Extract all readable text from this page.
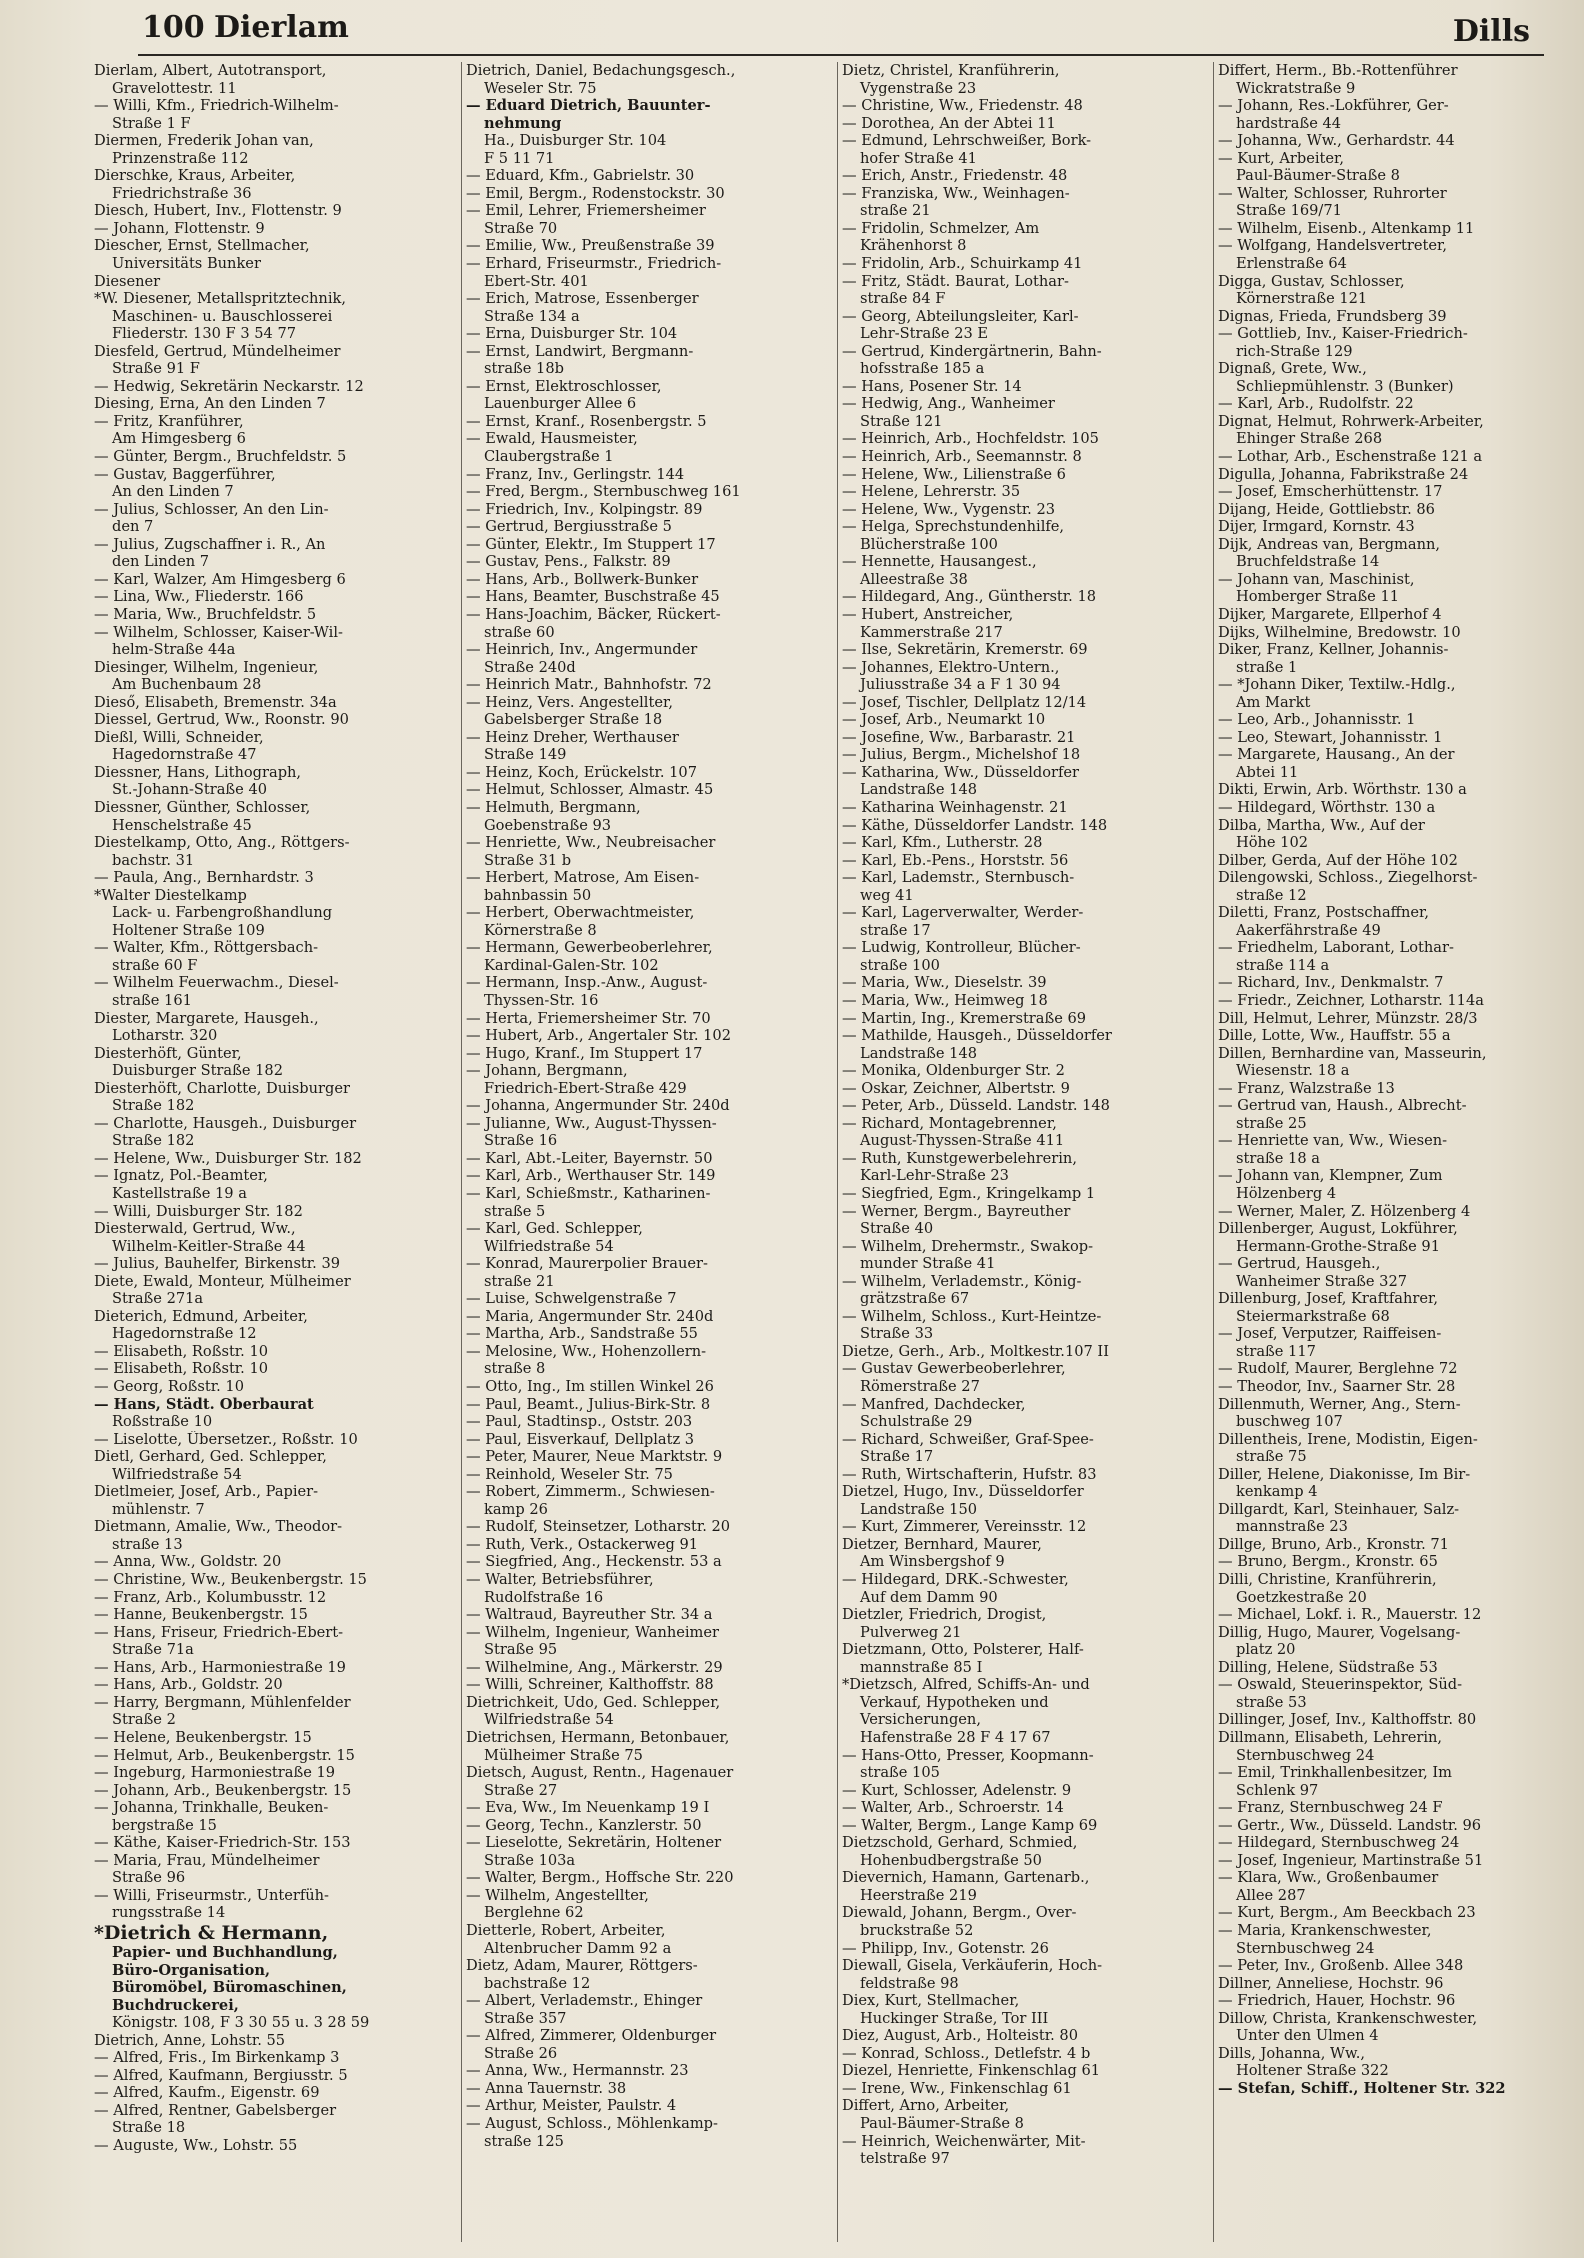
100 Dierlam	Dills
Dierlam, Albert, Autotransport,
Gravelottestr. 11
— Willi, Kfm., Friedrich-Wilhelm-
Straße 1 F
Diermen, Frederik Johan van,
Prinzenstraße 112
Dierschke, Kraus, Arbeiter,
Friedrichstraße 36
Diesch, Hubert, Inv., Flottenstr. 9
— Johann, Flottenstr. 9
Diescher, Ernst, Stellmacher,
Universitäts Bunker
Diesener
*W. Diesener, Metallspritztechnik,
Maschinen- u. Bauschlosserei
Fliederstr. 130 F 3 54 77
Diesfeld, Gertrud, Mündelheimer
Straße 91 F
— Hedwig, Sekretärin Neckarstr. 12
Diesing, Erna, An den Linden 7
— Fritz, Kranführer,
Am Himgesberg 6
— Günter, Bergm., Bruchfeldstr. 5
— Gustav, Baggerführer,
An den Linden 7
— Julius, Schlosser, An den Lin-
den 7
— Julius, Zugschaffner i. R., An
den Linden 7
— Karl, Walzer, Am Himgesberg 6
— Lina, Ww., Fliederstr. 166
— Maria, Ww., Bruchfeldstr. 5
— Wilhelm, Schlosser, Kaiser-Wil-
helm-Straße 44a
Diesinger, Wilhelm, Ingenieur,
Am Buchenbaum 28
Dieső, Elisabeth, Bremenstr. 34a
Diessel, Gertrud, Ww., Roonstr. 90
Dießl, Willi, Schneider,
Hagedornstraße 47
Diessner, Hans, Lithograph,
St.-Johann-Straße 40
Diessner, Günther, Schlosser,
Henschelstraße 45
Diestelkamp, Otto, Ang., Röttgers-
bachstr. 31
— Paula, Ang., Bernhardstr. 3
*Walter Diestelkamp
Lack- u. Farbengroßhandlung
Holtener Straße 109
— Walter, Kfm., Röttgersbach-
straße 60 F
— Wilhelm Feuerwachm., Diesel-
straße 161
Diester, Margarete, Hausgeh.,
Lotharstr. 320
Diesterhöft, Günter,
Duisburger Straße 182
Diesterhöft, Charlotte, Duisburger
Straße 182
— Charlotte, Hausgeh., Duisburger
Straße 182
— Helene, Ww., Duisburger Str. 182
— Ignatz, Pol.-Beamter,
Kastellstraße 19 a
— Willi, Duisburger Str. 182
Diesterwald, Gertrud, Ww.,
Wilhelm-Keitler-Straße 44
— Julius, Bauhelfer, Birkenstr. 39
Diete, Ewald, Monteur, Mülheimer
Straße 271a
Dieterich, Edmund, Arbeiter,
Hagedornstraße 12
— Elisabeth, Roßstr. 10
— Elisabeth, Roßstr. 10
— Georg, Roßstr. 10
— Hans, Städt. Oberbaurat
Roßstraße 10
— Liselotte, Übersetzer., Roßstr. 10
Dietl, Gerhard, Ged. Schlepper,
Wilfriedstraße 54
Dietlmeier, Josef, Arb., Papier-
mühlenstr. 7
Dietmann, Amalie, Ww., Theodor-
straße 13
— Anna, Ww., Goldstr. 20
— Christine, Ww., Beukenbergstr. 15
— Franz, Arb., Kolumbusstr. 12
— Hanne, Beukenbergstr. 15
— Hans, Friseur, Friedrich-Ebert-
Straße 71a
— Hans, Arb., Harmoniestraße 19
— Hans, Arb., Goldstr. 20
— Harry, Bergmann, Mühlenfelder
Straße 2
— Helene, Beukenbergstr. 15
— Helmut, Arb., Beukenbergstr. 15
— Ingeburg, Harmoniestraße 19
— Johann, Arb., Beukenbergstr. 15
— Johanna, Trinkhalle, Beuken-
bergstraße 15
— Käthe, Kaiser-Friedrich-Str. 153
— Maria, Frau, Mündelheimer
Straße 96
— Willi, Friseurmstr., Unterfüh-
rungsstraße 14
*Dietrich & Hermann,
Papier- und Buchhandlung,
Büro-Organisation,
Büromöbel, Büromaschinen,
Buchdruckerei,
Königstr. 108, F 3 30 55 u. 3 28 59
Dietrich, Anne, Lohstr. 55
— Alfred, Fris., Im Birkenkamp 3
— Alfred, Kaufmann, Bergiusstr. 5
— Alfred, Kaufm., Eigenstr. 69
— Alfred, Rentner, Gabelsberger
Straße 18
— Auguste, Ww., Lohstr. 55
Dietrich, Daniel, Bedachungsgesch.,
Weseler Str. 75
— Eduard Dietrich, Bauunter-
nehmung
Ha., Duisburger Str. 104
F 5 11 71
— Eduard, Kfm., Gabrielstr. 30
— Emil, Bergm., Rodenstockstr. 30
— Emil, Lehrer, Friemersheimer
Straße 70
— Emilie, Ww., Preußenstraße 39
— Erhard, Friseurmstr., Friedrich-
Ebert-Str. 401
— Erich, Matrose, Essenberger
Straße 134 a
— Erna, Duisburger Str. 104
— Ernst, Landwirt, Bergmann-
straße 18b
— Ernst, Elektroschlosser,
Lauenburger Allee 6
— Ernst, Kranf., Rosenbergstr. 5
— Ewald, Hausmeister,
Claubergstraße 1
— Franz, Inv., Gerlingstr. 144
— Fred, Bergm., Sternbuschweg 161
— Friedrich, Inv., Kolpingstr. 89
— Gertrud, Bergiusstraße 5
— Günter, Elektr., Im Stuppert 17
— Gustav, Pens., Falkstr. 89
— Hans, Arb., Bollwerk-Bunker
— Hans, Beamter, Buschstraße 45
— Hans-Joachim, Bäcker, Rückert-
straße 60
— Heinrich, Inv., Angermunder
Straße 240d
— Heinrich Matr., Bahnhofstr. 72
— Heinz, Vers. Angestellter,
Gabelsberger Straße 18
— Heinz Dreher, Werthauser
Straße 149
— Heinz, Koch, Erückelstr. 107
— Helmut, Schlosser, Almastr. 45
— Helmuth, Bergmann,
Goebenstraße 93
— Henriette, Ww., Neubreisacher
Straße 31 b
— Herbert, Matrose, Am Eisen-
bahnbassin 50
— Herbert, Oberwachtmeister,
Körnerstraße 8
— Hermann, Gewerbeoberlehrer,
Kardinal-Galen-Str. 102
— Hermann, Insp.-Anw., August-
Thyssen-Str. 16
— Herta, Friemersheimer Str. 70
— Hubert, Arb., Angertaler Str. 102
— Hugo, Kranf., Im Stuppert 17
— Johann, Bergmann,
Friedrich-Ebert-Straße 429
— Johanna, Angermunder Str. 240d
— Julianne, Ww., August-Thyssen-
Straße 16
— Karl, Abt.-Leiter, Bayernstr. 50
— Karl, Arb., Werthauser Str. 149
— Karl, Schießmstr., Katharinen-
straße 5
— Karl, Ged. Schlepper,
Wilfriedstraße 54
— Konrad, Maurerpolier Brauer-
straße 21
— Luise, Schwelgenstraße 7
— Maria, Angermunder Str. 240d
— Martha, Arb., Sandstraße 55
— Melosine, Ww., Hohenzollern-
straße 8
— Otto, Ing., Im stillen Winkel 26
— Paul, Beamt., Julius-Birk-Str. 8
— Paul, Stadtinsp., Oststr. 203
— Paul, Eisverkauf, Dellplatz 3
— Peter, Maurer, Neue Marktstr. 9
— Reinhold, Weseler Str. 75
— Robert, Zimmerm., Schwiesen-
kamp 26
— Rudolf, Steinsetzer, Lotharstr. 20
— Ruth, Verk., Ostackerweg 91
— Siegfried, Ang., Heckenstr. 53 a
— Walter, Betriebsführer,
Rudolfstraße 16
— Waltraud, Bayreuther Str. 34 a
— Wilhelm, Ingenieur, Wanheimer
Straße 95
— Wilhelmine, Ang., Märkerstr. 29
— Willi, Schreiner, Kalthoffstr. 88
Dietrichkeit, Udo, Ged. Schlepper,
Wilfriedstraße 54
Dietrichsen, Hermann, Betonbauer,
Mülheimer Straße 75
Dietsch, August, Rentn., Hagenauer
Straße 27
— Eva, Ww., Im Neuenkamp 19 I
— Georg, Techn., Kanzlerstr. 50
— Lieselotte, Sekretärin, Holtener
Straße 103a
— Walter, Bergm., Hoffsche Str. 220
— Wilhelm, Angestellter,
Berglehne 62
Dietterle, Robert, Arbeiter,
Altenbrucher Damm 92 a
Dietz, Adam, Maurer, Röttgers-
bachstraße 12
— Albert, Verlademstr., Ehinger
Straße 357
— Alfred, Zimmerer, Oldenburger
Straße 26
— Anna, Ww., Hermannstr. 23
— Anna Tauernstr. 38
— Arthur, Meister, Paulstr. 4
— August, Schloss., Möhlenkamp-
straße 125
Dietz, Christel, Kranführerin,
Vygenstraße 23
— Christine, Ww., Friedenstr. 48
— Dorothea, An der Abtei 11
— Edmund, Lehrschweißer, Bork-
hofer Straße 41
— Erich, Anstr., Friedenstr. 48
— Franziska, Ww., Weinhagen-
straße 21
— Fridolin, Schmelzer, Am
Krähenhorst 8
— Fridolin, Arb., Schuirkamp 41
— Fritz, Städt. Baurat, Lothar-
straße 84 F
— Georg, Abteilungsleiter, Karl-
Lehr-Straße 23 E
— Gertrud, Kindergärtnerin, Bahn-
hofsstraße 185 a
— Hans, Posener Str. 14
— Hedwig, Ang., Wanheimer
Straße 121
— Heinrich, Arb., Hochfeldstr. 105
— Heinrich, Arb., Seemannstr. 8
— Helene, Ww., Lilienstraße 6
— Helene, Lehrerstr. 35
— Helene, Ww., Vygenstr. 23
— Helga, Sprechstundenhilfe,
Blücherstraße 100
— Hennette, Hausangest.,
Alleestraße 38
— Hildegard, Ang., Güntherstr. 18
— Hubert, Anstreicher,
Kammerstraße 217
— Ilse, Sekretärin, Kremerstr. 69
— Johannes, Elektro-Untern.,
Juliusstraße 34 a F 1 30 94
— Josef, Tischler, Dellplatz 12/14
— Josef, Arb., Neumarkt 10
— Josefine, Ww., Barbarastr. 21
— Julius, Bergm., Michelshof 18
— Katharina, Ww., Düsseldorfer
Landstraße 148
— Katharina Weinhagenstr. 21
— Käthe, Düsseldorfer Landstr. 148
— Karl, Kfm., Lutherstr. 28
— Karl, Eb.-Pens., Horststr. 56
— Karl, Lademstr., Sternbusch-
weg 41
— Karl, Lagerverwalter, Werder-
straße 17
— Ludwig, Kontrolleur, Blücher-
straße 100
— Maria, Ww., Dieselstr. 39
— Maria, Ww., Heimweg 18
— Martin, Ing., Kremerstraße 69
— Mathilde, Hausgeh., Düsseldorfer
Landstraße 148
— Monika, Oldenburger Str. 2
— Oskar, Zeichner, Albertstr. 9
— Peter, Arb., Düsseld. Landstr. 148
— Richard, Montagebrenner,
August-Thyssen-Straße 411
— Ruth, Kunstgewerbelehrerin,
Karl-Lehr-Straße 23
— Siegfried, Egm., Kringelkamp 1
— Werner, Bergm., Bayreuther
Straße 40
— Wilhelm, Drehermstr., Swakop-
munder Straße 41
— Wilhelm, Verlademstr., König-
grätzstraße 67
— Wilhelm, Schloss., Kurt-Heintze-
Straße 33
Dietze, Gerh., Arb., Moltkestr.107 II
— Gustav Gewerbeoberlehrer,
Römerstraße 27
— Manfred, Dachdecker,
Schulstraße 29
— Richard, Schweißer, Graf-Spee-
Straße 17
— Ruth, Wirtschafterin, Hufstr. 83
Dietzel, Hugo, Inv., Düsseldorfer
Landstraße 150
— Kurt, Zimmerer, Vereinsstr. 12
Dietzer, Bernhard, Maurer,
Am Winsbergshof 9
— Hildegard, DRK.-Schwester,
Auf dem Damm 90
Dietzler, Friedrich, Drogist,
Pulverweg 21
Dietzmann, Otto, Polsterer, Half-
mannstraße 85 I
*Dietzsch, Alfred, Schiffs-An- und
Verkauf, Hypotheken und
Versicherungen,
Hafenstraße 28 F 4 17 67
— Hans-Otto, Presser, Koopmann-
straße 105
— Kurt, Schlosser, Adelenstr. 9
— Walter, Arb., Schroerstr. 14
— Walter, Bergm., Lange Kamp 69
Dietzschold, Gerhard, Schmied,
Hohenbudbergstraße 50
Dievernich, Hamann, Gartenarb.,
Heerstraße 219
Diewald, Johann, Bergm., Over-
bruckstraße 52
— Philipp, Inv., Gotenstr. 26
Diewall, Gisela, Verkäuferin, Hoch-
feldstraße 98
Diex, Kurt, Stellmacher,
Huckinger Straße, Tor III
Diez, August, Arb., Holteistr. 80
— Konrad, Schloss., Detlefstr. 4 b
Diezel, Henriette, Finkenschlag 61
— Irene, Ww., Finkenschlag 61
Differt, Arno, Arbeiter,
Paul-Bäumer-Straße 8
— Heinrich, Weichenwärter, Mit-
telstraße 97
Differt, Herm., Bb.-Rottenführer
Wickratstraße 9
— Johann, Res.-Lokführer, Ger-
hardstraße 44
— Johanna, Ww., Gerhardstr. 44
— Kurt, Arbeiter,
Paul-Bäumer-Straße 8
— Walter, Schlosser, Ruhrorter
Straße 169/71
— Wilhelm, Eisenb., Altenkamp 11
— Wolfgang, Handelsvertreter,
Erlenstraße 64
Digga, Gustav, Schlosser,
Körnerstraße 121
Dignas, Frieda, Frundsberg 39
— Gottlieb, Inv., Kaiser-Friedrich-
rich-Straße 129
Dignaß, Grete, Ww.,
Schliepmühlenstr. 3 (Bunker)
— Karl, Arb., Rudolfstr. 22
Dignat, Helmut, Rohrwerk-Arbeiter,
Ehinger Straße 268
— Lothar, Arb., Eschenstraße 121 a
Digulla, Johanna, Fabrikstraße 24
— Josef, Emscherhüttenstr. 17
Dijang, Heide, Gottliebstr. 86
Dijer, Irmgard, Kornstr. 43
Dijk, Andreas van, Bergmann,
Bruchfeldstraße 14
— Johann van, Maschinist,
Homberger Straße 11
Dijker, Margarete, Ellperhof 4
Dijks, Wilhelmine, Bredowstr. 10
Diker, Franz, Kellner, Johannis-
straße 1
— *Johann Diker, Textilw.-Hdlg.,
Am Markt
— Leo, Arb., Johannisstr. 1
— Leo, Stewart, Johannisstr. 1
— Margarete, Hausang., An der
Abtei 11
Dikti, Erwin, Arb. Wörthstr. 130 a
— Hildegard, Wörthstr. 130 a
Dilba, Martha, Ww., Auf der
Höhe 102
Dilber, Gerda, Auf der Höhe 102
Dilengowski, Schloss., Ziegelhorst-
straße 12
Diletti, Franz, Postschaffner,
Aakerfährstraße 49
— Friedhelm, Laborant, Lothar-
straße 114 a
— Richard, Inv., Denkmalstr. 7
— Friedr., Zeichner, Lotharstr. 114a
Dill, Helmut, Lehrer, Münzstr. 28/3
Dille, Lotte, Ww., Hauffstr. 55 a
Dillen, Bernhardine van, Masseurin,
Wiesenstr. 18 a
— Franz, Walzstraße 13
— Gertrud van, Haush., Albrecht-
straße 25
— Henriette van, Ww., Wiesen-
straße 18 a
— Johann van, Klempner, Zum
Hölzenberg 4
— Werner, Maler, Z. Hölzenberg 4
Dillenberger, August, Lokführer,
Hermann-Grothe-Straße 91
— Gertrud, Hausgeh.,
Wanheimer Straße 327
Dillenburg, Josef, Kraftfahrer,
Steiermarkstraße 68
— Josef, Verputzer, Raiffeisen-
straße 117
— Rudolf, Maurer, Berglehne 72
— Theodor, Inv., Saarner Str. 28
Dillenmuth, Werner, Ang., Stern-
buschweg 107
Dillentheis, Irene, Modistin, Eigen-
straße 75
Diller, Helene, Diakonisse, Im Bir-
kenkamp 4
Dillgardt, Karl, Steinhauer, Salz-
mannstraße 23
Dillge, Bruno, Arb., Kronstr. 71
— Bruno, Bergm., Kronstr. 65
Dilli, Christine, Kranführerin,
Goetzkestraße 20
— Michael, Lokf. i. R., Mauerstr. 12
Dillig, Hugo, Maurer, Vogelsang-
platz 20
Dilling, Helene, Südstraße 53
— Oswald, Steuerinspektor, Süd-
straße 53
Dillinger, Josef, Inv., Kalthoffstr. 80
Dillmann, Elisabeth, Lehrerin,
Sternbuschweg 24
— Emil, Trinkhallenbesitzer, Im
Schlenk 97
— Franz, Sternbuschweg 24 F
— Gertr., Ww., Düsseld. Landstr. 96
— Hildegard, Sternbuschweg 24
— Josef, Ingenieur, Martinstraße 51
— Klara, Ww., Großenbaumer
Allee 287
— Kurt, Bergm., Am Beeckbach 23
— Maria, Krankenschwester,
Sternbuschweg 24
— Peter, Inv., Großenb. Allee 348
Dillner, Anneliese, Hochstr. 96
— Friedrich, Hauer, Hochstr. 96
Dillow, Christa, Krankenschwester,
Unter den Ulmen 4
Dills, Johanna, Ww.,
Holtener Straße 322
— Stefan, Schiff., Holtener Str. 322
